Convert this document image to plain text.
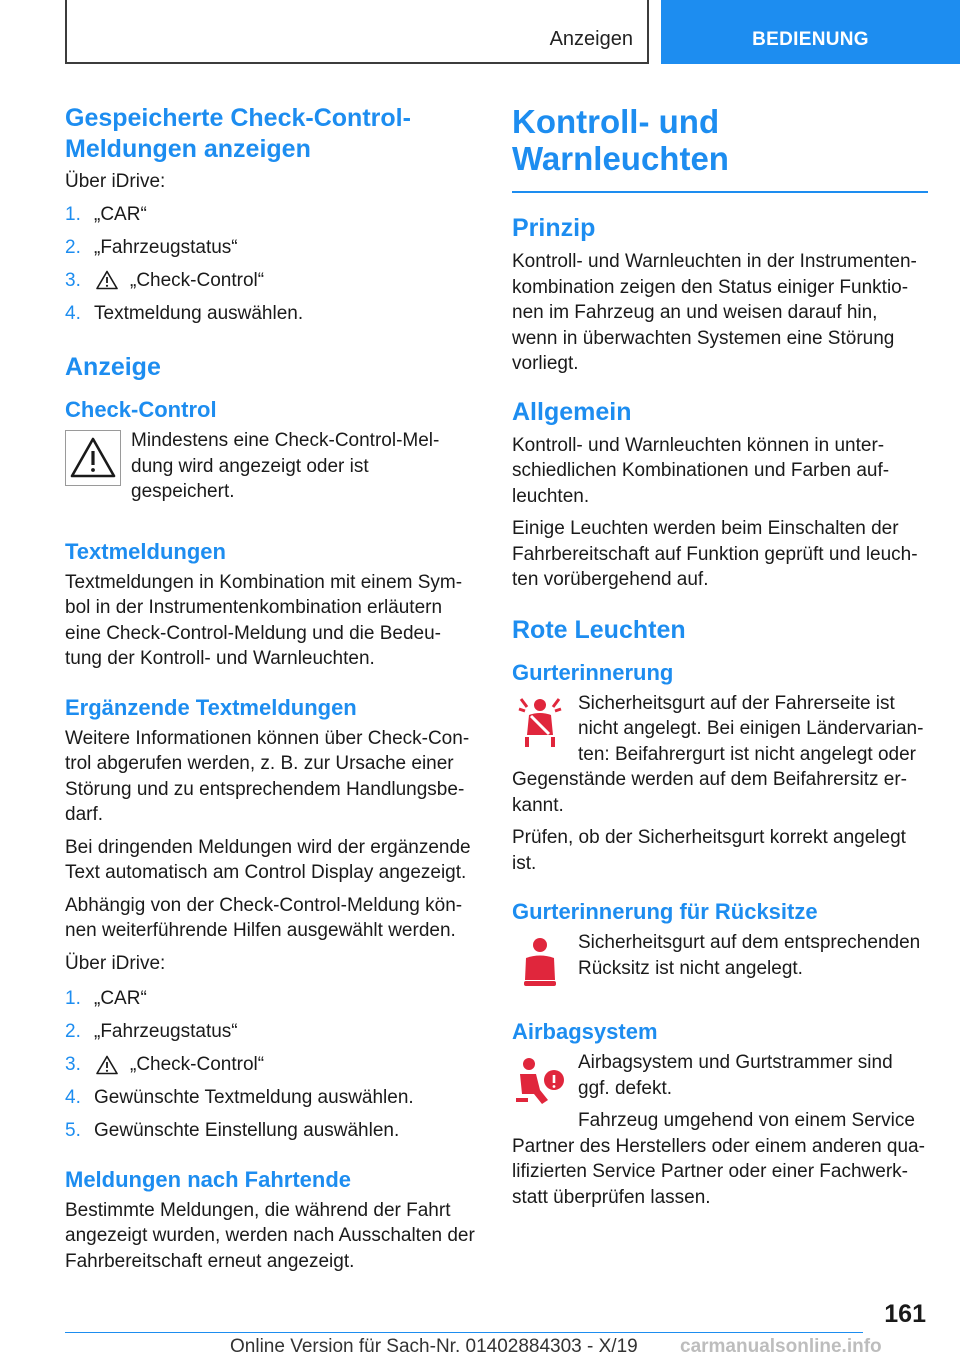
Anzeigen	BEDIENUNG
Gespeicherte Check-Control-Meldungen anzeigen

Über iDrive:

1. „CAR“
2. „Fahrzeugstatus“
3.	„Check-Control“
4. Textmeldung auswählen.
Anzeige
Check-Control

Mindestens eine Check-Control-Mel-dung wird angezeigt oder ist gespeichert.

Textmeldungen

Textmeldungen in Kombination mit einem Sym-bol in der Instrumentenkombination erläutern eine Check-Control-Meldung und die Bedeu-tung der Kontroll- und Warnleuchten.

Ergänzende Textmeldungen

Weitere Informationen können über Check-Con-trol abgerufen werden, z. B. zur Ursache einer Störung und zu entsprechendem Handlungsbe-darf.

Bei dringenden Meldungen wird der ergänzende Text automatisch am Control Display angezeigt.

Abhängig von der Check-Control-Meldung kön-nen weiterführende Hilfen ausgewählt werden.

Über iDrive:

1. „CAR“
2. „Fahrzeugstatus“
3.	„Check-Control“
4. Gewünschte Textmeldung auswählen.
5. Gewünschte Einstellung auswählen.
Meldungen nach Fahrtende

Bestimmte Meldungen, die während der Fahrt angezeigt wurden, werden nach Ausschalten der Fahrbereitschaft erneut angezeigt.

Kontroll- und
Warnleuchten
Prinzip

Kontroll- und Warnleuchten in der Instrumenten-kombination zeigen den Status einiger Funktio-nen im Fahrzeug an und weisen darauf hin, wenn in überwachten Systemen eine Störung vorliegt.

Allgemein

Kontroll- und Warnleuchten können in unter-schiedlichen Kombinationen und Farben auf-leuchten.

Einige Leuchten werden beim Einschalten der Fahrbereitschaft auf Funktion geprüft und leuch-ten vorübergehend auf.

Rote Leuchten
Gurterinnerung

Sicherheitsgurt auf der Fahrerseite ist nicht angelegt. Bei einigen Ländervarian-ten: Beifahrergurt ist nicht angelegt oder Gegenstände werden auf dem Beifahrersitz er-kannt.

Prüfen, ob der Sicherheitsgurt korrekt angelegt ist.

Gurterinnerung für Rücksitze

Sicherheitsgurt auf dem entsprechenden Rücksitz ist nicht angelegt.

Airbagsystem

Airbagsystem und Gurtstrammer sind ggf. defekt.

Fahrzeug umgehend von einem Service Partner des Herstellers oder einem anderen qua-lifizierten Service Partner oder einer Fachwerk-statt überprüfen lassen.

161
Online Version für Sach-Nr. 01402884303 - X/19 carmanualsonline.info
